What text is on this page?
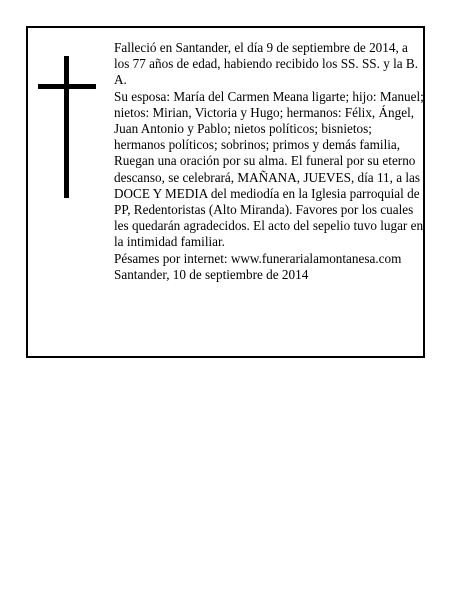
Falleció en Santander, el día 9 de septiembre de 2014, a los 77 años de edad, habiendo recibido los SS. SS. y la B. A.

Su esposa: María del Carmen Meana ligarte; hijo: Manuel; nietos: Mirian, Victoria y Hugo; hermanos: Félix, Ángel, Juan Antonio y Pablo; nietos políticos; bisnietos; hermanos políticos; sobrinos; primos y demás familia,

Ruegan una oración por su alma. El funeral por su eterno descanso, se celebrará, MAÑANA, JUEVES, día 11, a las DOCE Y MEDIA del mediodía en la Iglesia parroquial de PP, Redentoristas (Alto Miranda). Favores por los cuales les quedarán agradecidos. El acto del sepelio tuvo lugar en la intimidad familiar.

Pésames por internet: www.funerarialamontanesa.com

Santander, 10 de septiembre de 2014
